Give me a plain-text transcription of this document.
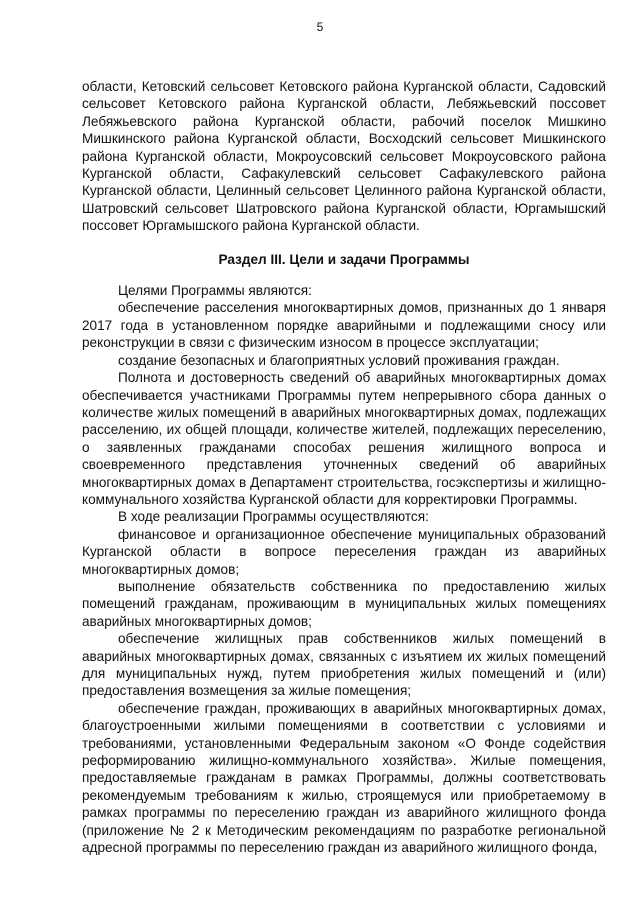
5

области, Кетовский сельсовет Кетовского района Курганской области, Садовский сельсовет Кетовского района Курганской области, Лебяжьевский поссовет Лебяжьевского района Курганской области, рабочий поселок Мишкино Мишкинского района Курганской области, Восходский сельсовет Мишкинского района Курганской области, Мокроусовский сельсовет Мокроусовского района Курганской области, Сафакулевский сельсовет Сафакулевского района Курганской области, Целинный сельсовет Целинного района Курганской области, Шатровский сельсовет Шатровского района Курганской области, Юргамышский поссовет Юргамышского района Курганской области.

Раздел III. Цели и задачи Программы

Целями Программы являются:

обеспечение расселения многоквартирных домов, признанных до 1 января 2017 года в установленном порядке аварийными и подлежащими сносу или реконструкции в связи с физическим износом в процессе эксплуатации;

создание безопасных и благоприятных условий проживания граждан.

Полнота и достоверность сведений об аварийных многоквартирных домах обеспечивается участниками Программы путем непрерывного сбора данных о количестве жилых помещений в аварийных многоквартирных домах, подлежащих расселению, их общей площади, количестве жителей, подлежащих переселению, о заявленных гражданами способах решения жилищного вопроса и своевременного представления уточненных сведений об аварийных многоквартирных домах в Департамент строительства, госэкспертизы и жилищно-коммунального хозяйства Курганской области для корректировки Программы.

В ходе реализации Программы осуществляются:

финансовое и организационное обеспечение муниципальных образований Курганской области в вопросе переселения граждан из аварийных многоквартирных домов;

выполнение обязательств собственника по предоставлению жилых помещений гражданам, проживающим в муниципальных жилых помещениях аварийных многоквартирных домов;

обеспечение жилищных прав собственников жилых помещений в аварийных многоквартирных домах, связанных с изъятием их жилых помещений для муниципальных нужд, путем приобретения жилых помещений и (или) предоставления возмещения за жилые помещения;

обеспечение граждан, проживающих в аварийных многоквартирных домах, благоустроенными жилыми помещениями в соответствии с условиями и требованиями, установленными Федеральным законом «О Фонде содействия реформированию жилищно-коммунального хозяйства». Жилые помещения, предоставляемые гражданам в рамках Программы, должны соответствовать рекомендуемым требованиям к жилью, строящемуся или приобретаемому в рамках программы по переселению граждан из аварийного жилищного фонда (приложение № 2 к Методическим рекомендациям по разработке региональной адресной программы по переселению граждан из аварийного жилищного фонда,
